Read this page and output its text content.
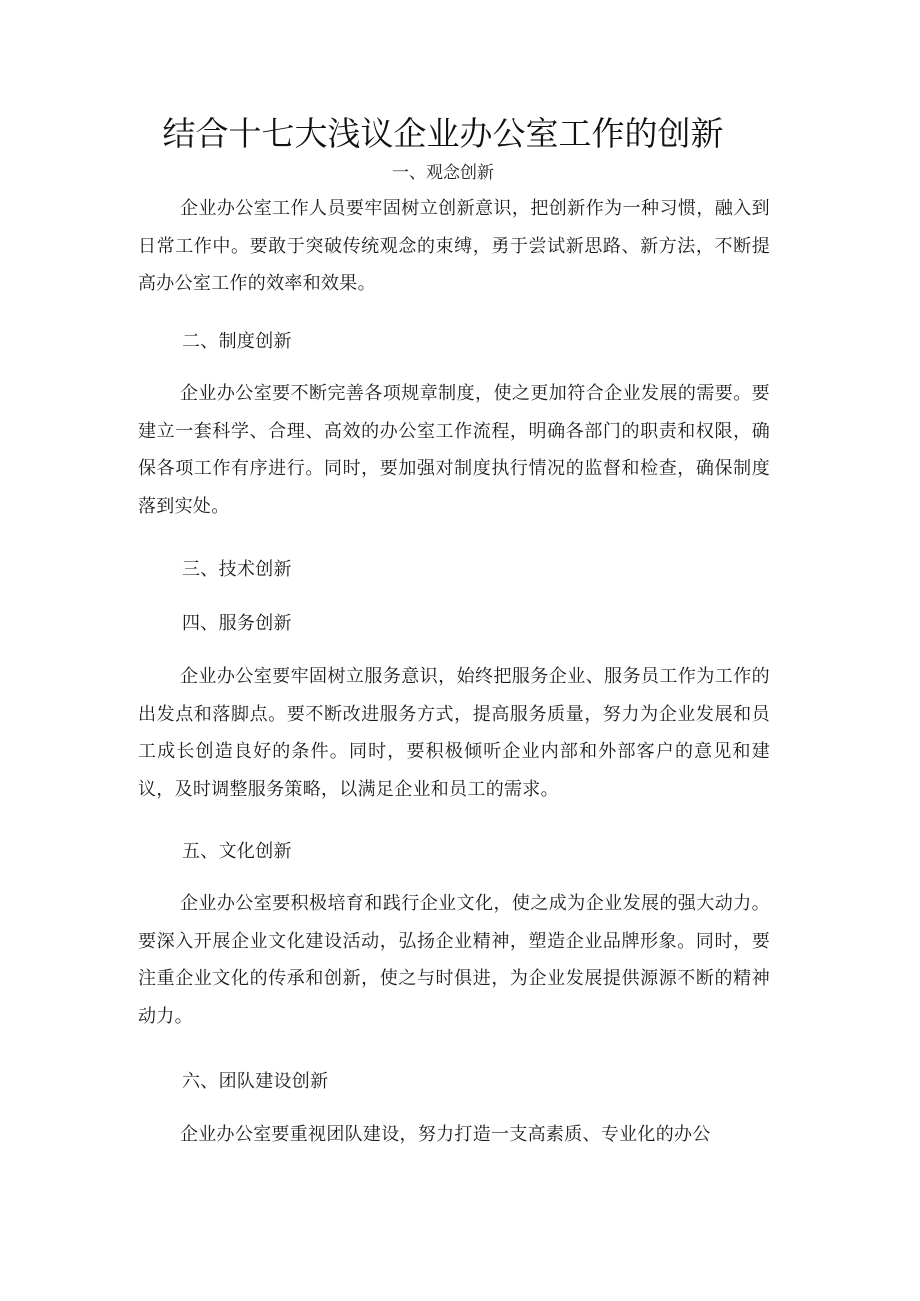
结合十七大浅议企业办公室工作的创新
一、观念创新
企业办公室工作人员要牢固树立创新意识，把创新作为一种习惯，融入到日常工作中。要敢于突破传统观念的束缚，勇于尝试新思路、新方法，不断提高办公室工作的效率和效果。
二、制度创新
企业办公室要不断完善各项规章制度，使之更加符合企业发展的需要。要建立一套科学、合理、高效的办公室工作流程，明确各部门的职责和权限，确保各项工作有序进行。同时，要加强对制度执行情况的监督和检查，确保制度落到实处。
三、技术创新
四、服务创新
企业办公室要牢固树立服务意识，始终把服务企业、服务员工作为工作的出发点和落脚点。要不断改进服务方式，提高服务质量，努力为企业发展和员工成长创造良好的条件。同时，要积极倾听企业内部和外部客户的意见和建议，及时调整服务策略，以满足企业和员工的需求。
五、文化创新
企业办公室要积极培育和践行企业文化，使之成为企业发展的强大动力。要深入开展企业文化建设活动，弘扬企业精神，塑造企业品牌形象。同时，要注重企业文化的传承和创新，使之与时俱进，为企业发展提供源源不断的精神动力。
六、团队建设创新
企业办公室要重视团队建设，努力打造一支高素质、专业化的办公
